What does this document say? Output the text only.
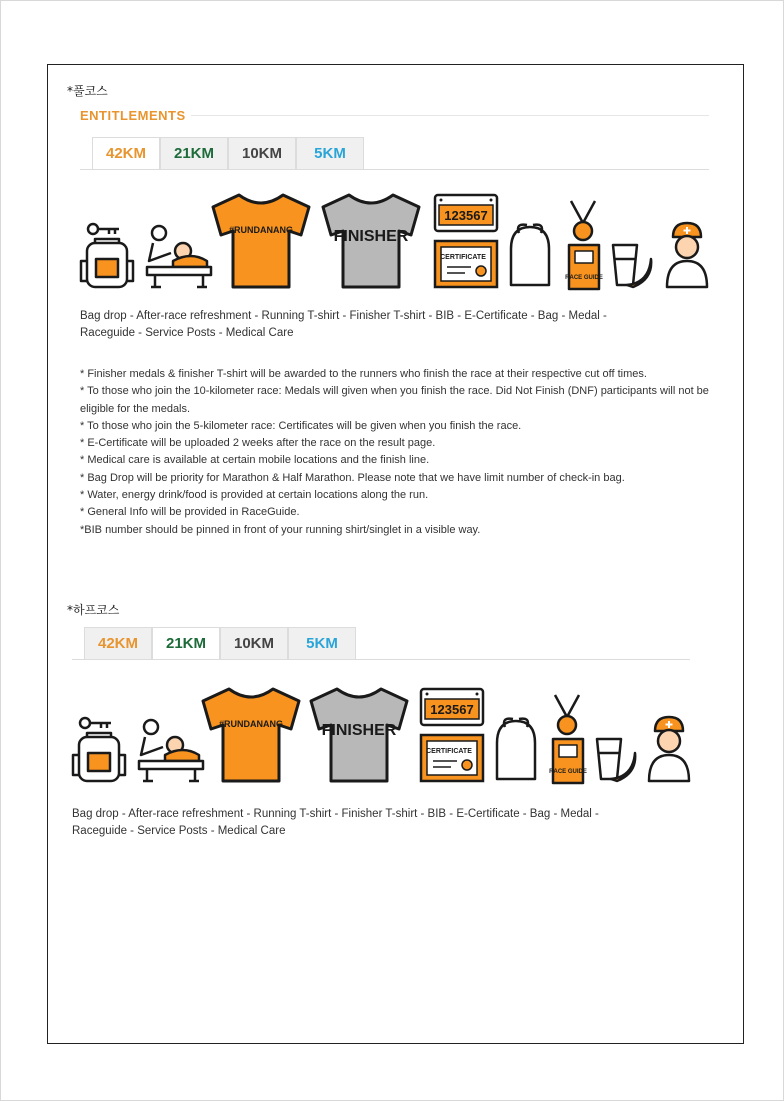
*풀코스
ENTITLEMENTS
42KM 21KM 10KM 5KM
#RUNDANANG	FINISHER
123567
CERTIFICATE
RACE GUIDE
Bag drop - After-race refreshment - Running T-shirt - Finisher T-shirt - BIB - E-Certificate - Bag - Medal -
Raceguide - Service Posts - Medical Care
* Finisher medals & finisher T-shirt will be awarded to the runners who finish the race at their respective cut off times.
* To those who join the 10-kilometer race: Medals will given when you finish the race. Did Not Finish (DNF) participants will not be eligible for the medals.
* To those who join the 5-kilometer race: Certificates will be given when you finish the race.
* E-Certificate will be uploaded 2 weeks after the race on the result page.
* Medical care is available at certain mobile locations and the finish line.
* Bag Drop will be priority for Marathon & Half Marathon. Please note that we have limit number of check-in bag.
* Water, energy drink/food is provided at certain locations along the run.
* General Info will be provided in RaceGuide.
*BIB number should be pinned in front of your running shirt/singlet in a visible way.
*하프코스
42KM 21KM 10KM 5KM
#RUNDANANG FINISHER
123567
CERTIFICATE
RACE GUIDE
Bag drop - After-race refreshment - Running T-shirt - Finisher T-shirt - BIB - E-Certificate - Bag - Medal -
Raceguide - Service Posts - Medical Care
